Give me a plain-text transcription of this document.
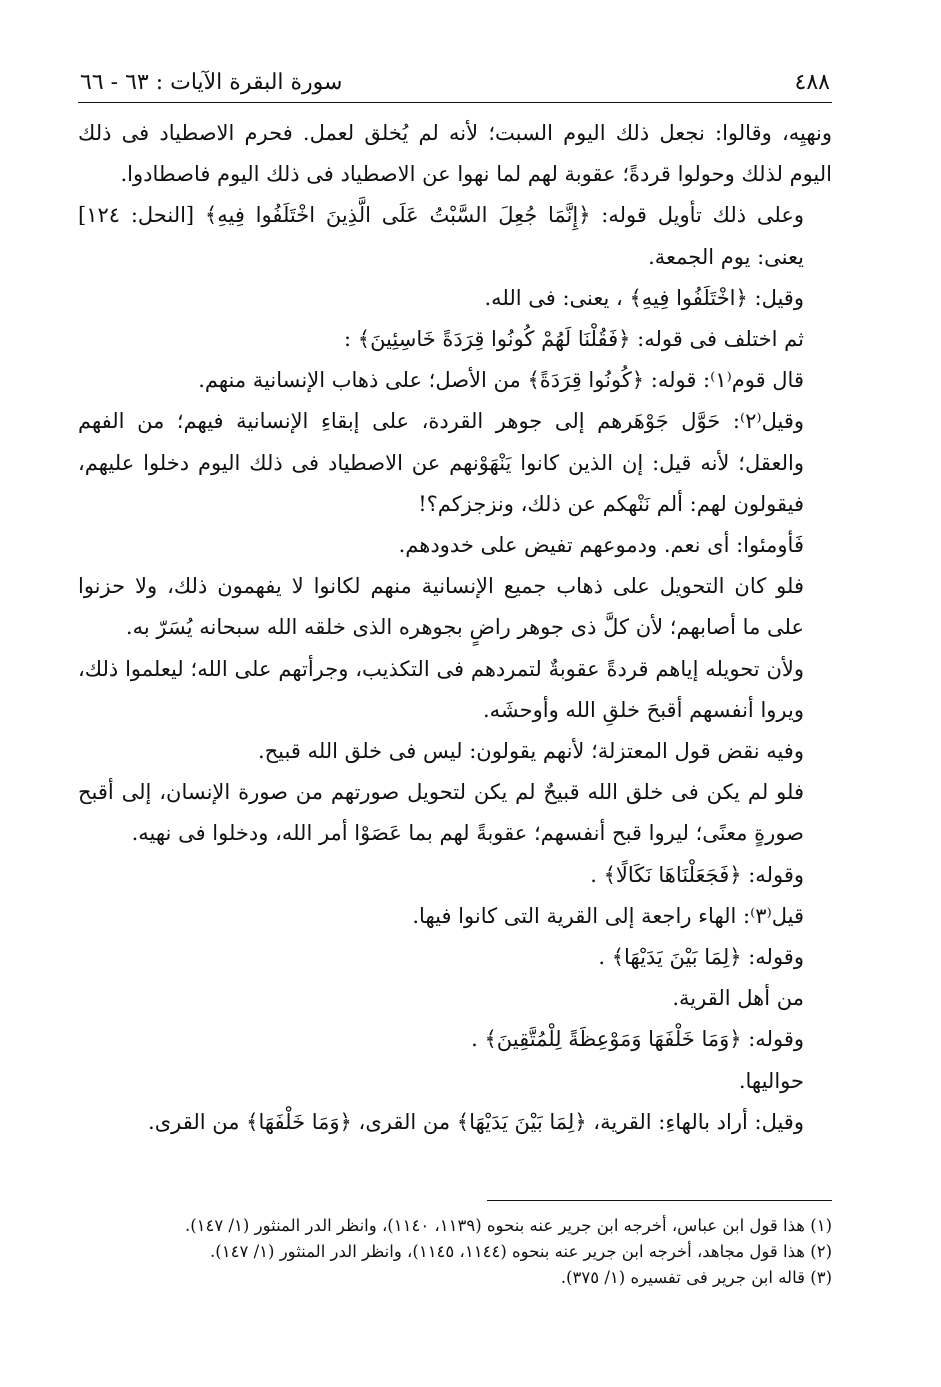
٤٨٨
سورة البقرة الآيات : ٦٣ - ٦٦

ونهيِه، وقالوا: نجعل ذلك اليوم السبت؛ لأنه لم يُخلق لعمل. فحرم الاصطياد فى ذلك اليوم لذلك وحولوا قردةً؛ عقوبة لهم لما نهوا عن الاصطياد فى ذلك اليوم فاصطادوا.

وعلى ذلك تأويل قوله: ﴿إِنَّمَا جُعِلَ السَّبْتُ عَلَى الَّذِينَ اخْتَلَفُوا فِيهِ﴾ [النحل: ١٢٤] يعنى: يوم الجمعة.

وقيل: ﴿اخْتَلَفُوا فِيهِ﴾ ، يعنى: فى الله.

ثم اختلف فى قوله: ﴿فَقُلْنَا لَهُمْ كُونُوا قِرَدَةً خَاسِئِينَ﴾ :

قال قوم⁽١⁾: قوله: ﴿كُونُوا قِرَدَةً﴾ من الأصل؛ على ذهاب الإنسانية منهم.

وقيل⁽٢⁾: حَوَّل جَوْهَرهم إلى جوهر القردة، على إبقاءِ الإنسانية فيهم؛ من الفهم والعقل؛ لأنه قيل: إن الذين كانوا يَنْهَوْنهم عن الاصطياد فى ذلك اليوم دخلوا عليهم، فيقولون لهم: ألم نَنْهكم عن ذلك، ونزجزكم؟!

فَأومئوا: أى نعم. ودموعهم تفيض على خدودهم.

فلو كان التحويل على ذهاب جميع الإنسانية منهم لكانوا لا يفهمون ذلك، ولا حزنوا على ما أصابهم؛ لأن كلَّ ذى جوهر راضٍ بجوهره الذى خلقه الله سبحانه يُسَرّ به.

ولأن تحويله إياهم قردةً عقوبةٌ لتمردهم فى التكذيب، وجرأتهم على الله؛ ليعلموا ذلك، ويروا أنفسهم أقبحَ خلقِ الله وأوحشَه.

وفيه نقض قول المعتزلة؛ لأنهم يقولون: ليس فى خلق الله قبيح.

فلو لم يكن فى خلق الله قبيحٌ لم يكن لتحويل صورتهم من صورة الإنسان، إلى أقبح صورةٍ معنًى؛ ليروا قبح أنفسهم؛ عقوبةً لهم بما عَصَوْا أمر الله، ودخلوا فى نهيه.

وقوله: ﴿فَجَعَلْنَاهَا نَكَالًا﴾ .

قيل⁽٣⁾: الهاء راجعة إلى القرية التى كانوا فيها.

وقوله: ﴿لِمَا بَيْنَ يَدَيْهَا﴾ .

من أهل القرية.

وقوله: ﴿وَمَا خَلْفَهَا وَمَوْعِظَةً لِلْمُتَّقِينَ﴾ .

حواليها.

وقيل: أراد بالهاءِ: القرية، ﴿لِمَا بَيْنَ يَدَيْهَا﴾ من القرى، ﴿وَمَا خَلْفَهَا﴾ من القرى.

(١) هذا قول ابن عباس، أخرجه ابن جرير عنه بنحوه (١١٣٩، ١١٤٠)، وانظر الدر المنثور (١/ ١٤٧).

(٢) هذا قول مجاهد، أخرجه ابن جرير عنه بنحوه (١١٤٤، ١١٤٥)، وانظر الدر المنثور (١/ ١٤٧).

(٣) قاله ابن جرير فى تفسيره (١/ ٣٧٥).
